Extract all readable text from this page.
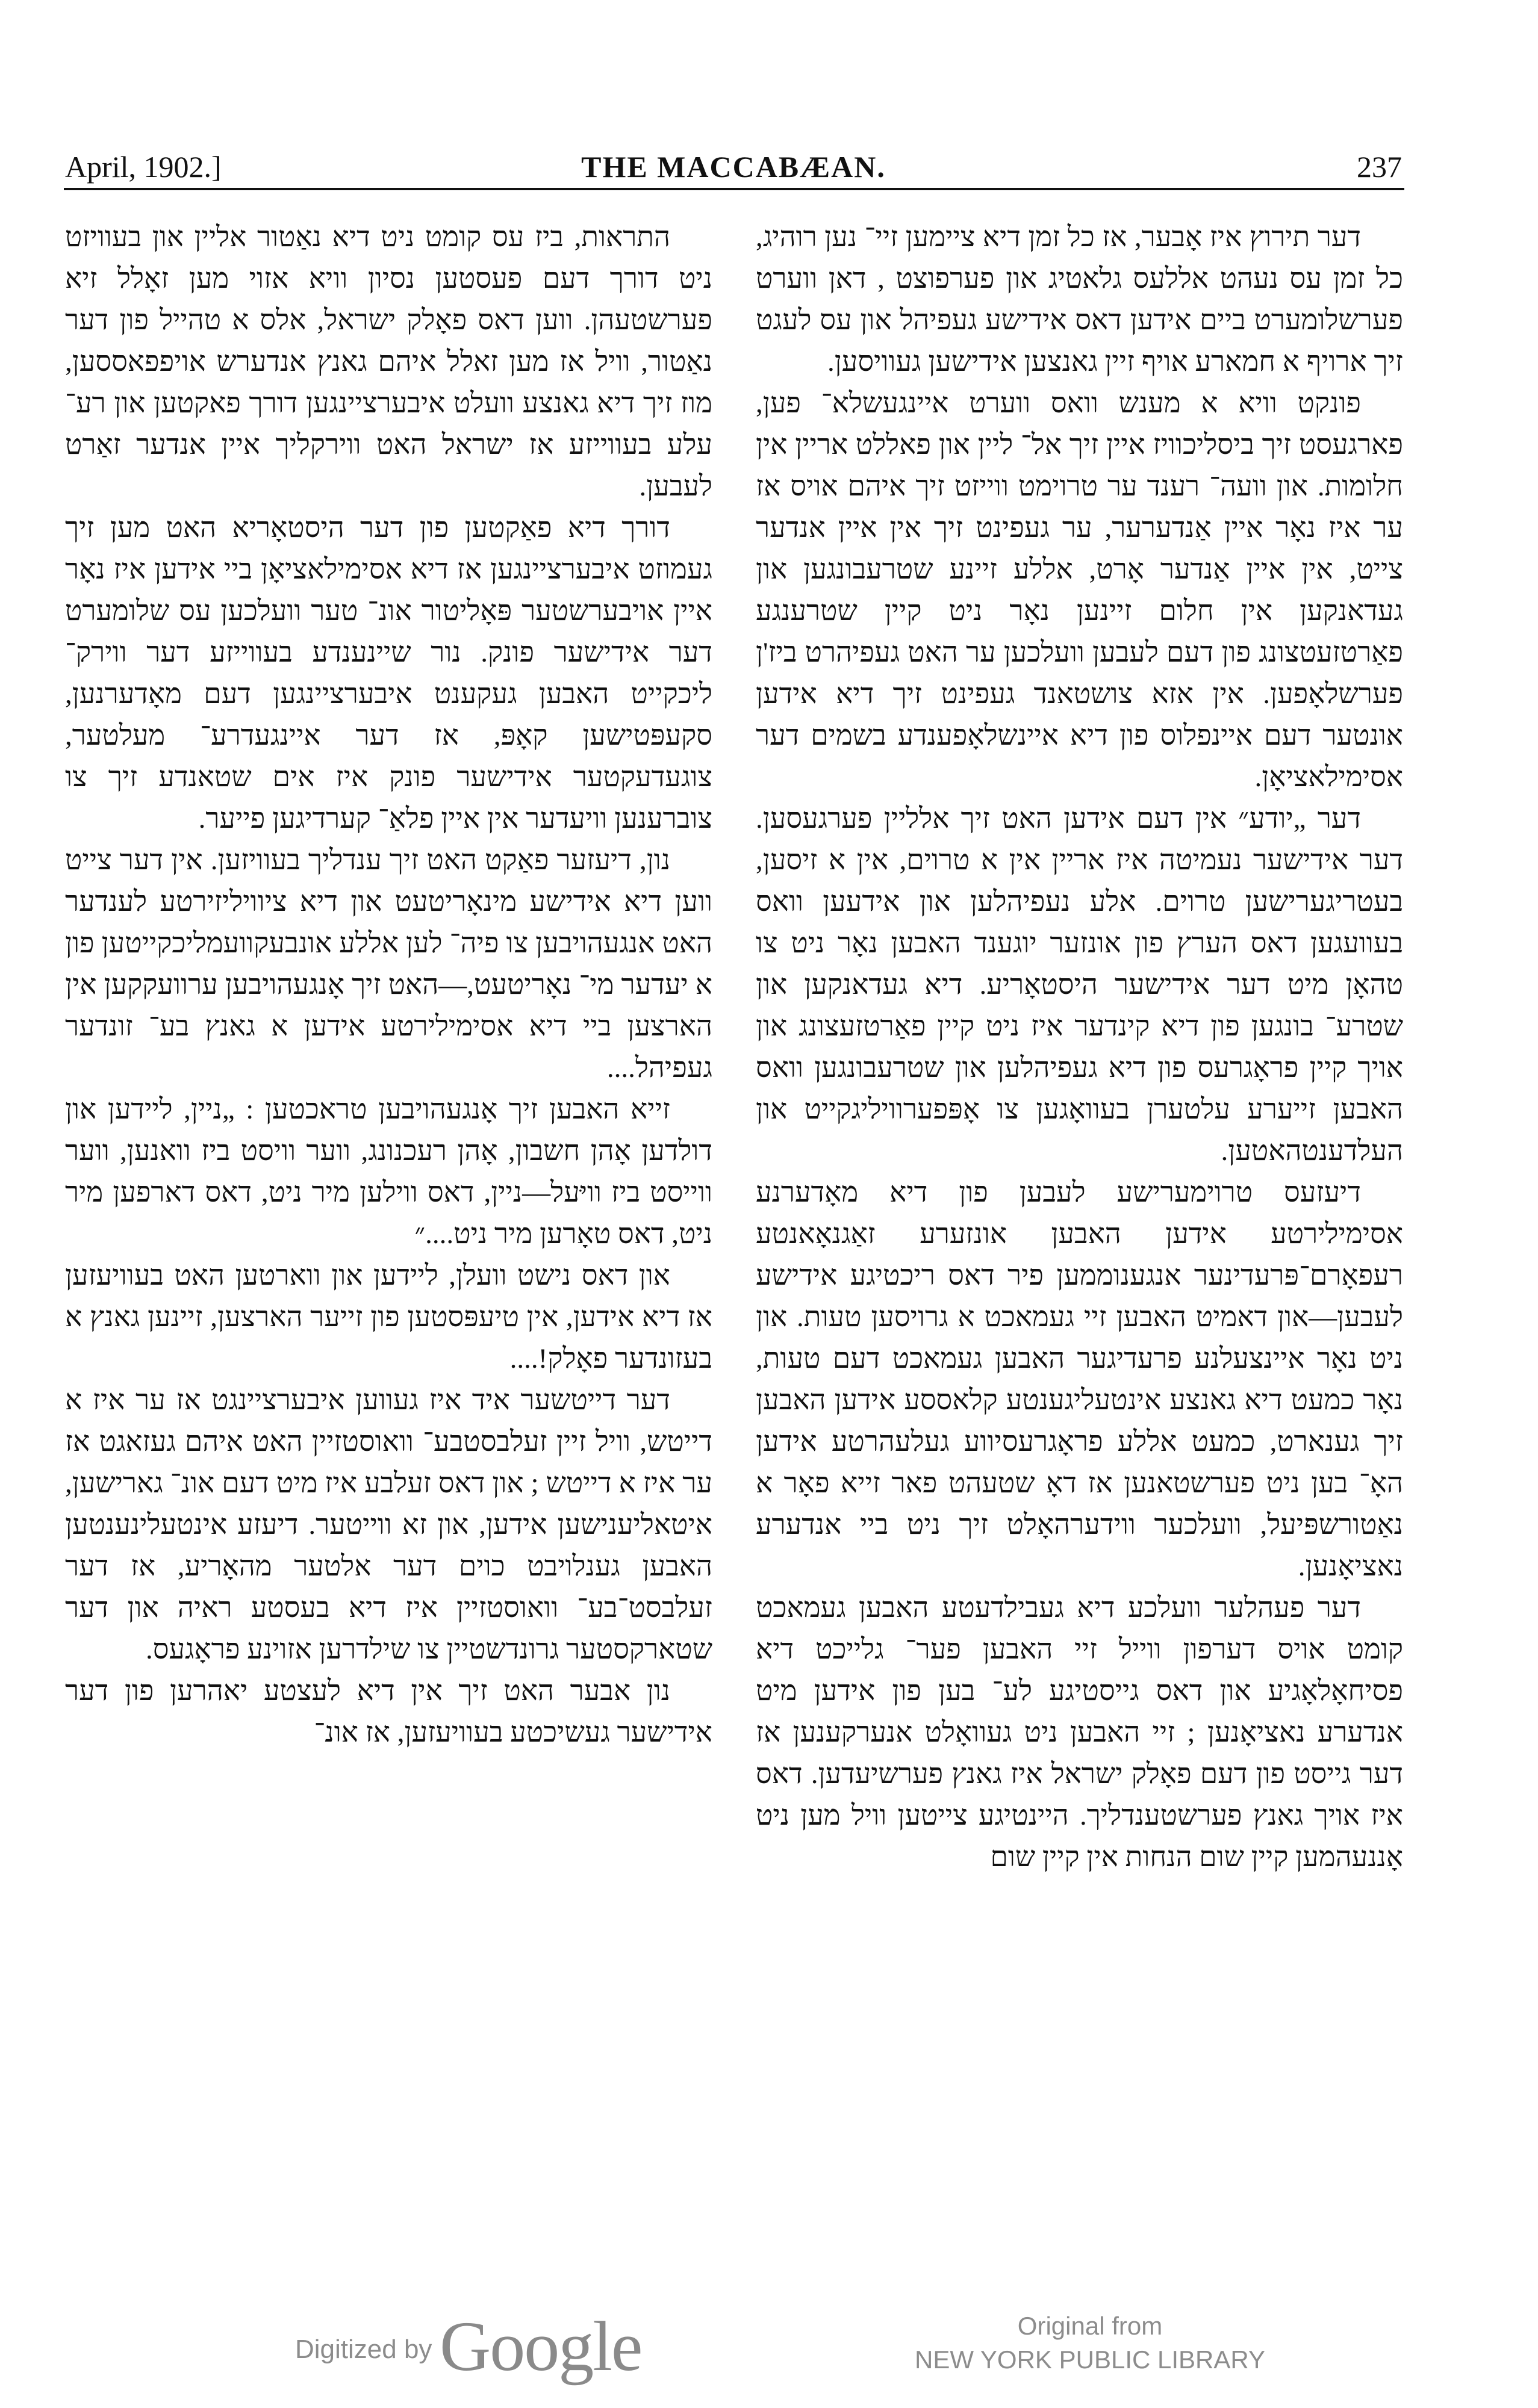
April, 1902.]	THE MACCABÆAN.	237

דער תירוץ איז אָבער, אז כל זמן דיא ציימען זיי־ נען רוהיג, כל זמן עס נעהט אללעס גלאטיג און פערפוצט , דאן ווערט פערשלומערט ביים אידען דאס אידישע געפיהל און עס לעגט זיך ארויף א חמארע אויף זיין גאנצען אידישען געוויסען.

פונקט וויא א מענש וואס ווערט איינגעשלא־ פען, פארגעסט זיך ביסליכוויז איין זיך אל־ ליין און פאללט אריין אין חלומות. און וועה־ רענד ער טרוימט ווייזט זיך איהם אויס אז ער איז נאָר איין אַנדערער, ער געפינט זיך אין איין אנדער צייט, אין איין אַנדער אָרט, אללע זיינע שטרעבונגען און געדאנקען אין חלום זיינען נאָר ניט קיין שטרענגע פאַרטזעטצונג פון דעם לעבען וועלכען ער האט געפיהרט ביז'ן פערשלאָפען. אין אזא צושטאנד געפינט זיך דיא אידען אונטער דעם איינפלוס פון דיא איינשלאָפענדע בשמים דער אסימילאציאָן.

דער „יודע״ אין דעם אידען האט זיך אלליין פערגעסען. דער אידישער נעמיטה איז אריין אין א טרוים, אין א זיסען, בעטריגערישען טרוים. אלע נעפיהלען און אידעען וואס בעוועגען דאס הערץ פון אונזער יוגענד האבען נאָר ניט צו טהאָן מיט דער אידישער היסטאָריע. דיא געדאנקען און שטרע־ בונגען פון דיא קינדער איז ניט קיין פאַרטזעצונג און אויך קיין פראָגרעס פון דיא געפיהלען און שטרעבונגען וואס האבען זייערע עלטערן בעוואָגען צו אָפּפערוויליגקייט און העלדענטהאטען.

דיעזעס טרוימערישע לעבען פון דיא מאָדערנע אסימילירטע אידען האבען אונזערע זאַגנאָאנטע רעפאָרם־פּרעדינער אנגענוממען פיר דאס ריכטיגע אידישע לעבען—און דאמיט האבען זיי געמאכט א גרויסען טעות. און ניט נאָר איינצעלנע פרעדיגער האבען געמאכט דעם טעות, נאָר כמעט דיא גאנצע אינטעליגענטע קלאססע אידען האבען זיך גענארט, כמעט אללע פראָגרעסיווע געלעהרטע אידען האָ־ בען ניט פערשטאנען אז דאָ שטעהט פאר זייא פאָר א נאַטורשפּיעל, וועלכער ווידערהאָלט זיך ניט ביי אנדערע נאציאָנען.

דער פעהלער וועלכע דיא געבילדעטע האבען געמאכט קומט אויס דערפון ווייל זיי האבען פער־ גלייכט דיא פסיחאָלאָגיע און דאס גייסטיגע לע־ בען פון אידען מיט אנדערע נאציאָנען ; זיי האבען ניט געוואָלט אנערקענען אז דער גייסט פון דעם פאָלק ישראל איז גאנץ פערשיעדען. דאס איז אויך גאנץ פערשטענדליך. היינטיגע צייטען וויל מען ניט אָננעהמען קיין שום הנחות אין קיין שום

התראות, ביז עס קומט ניט דיא נאַטור אליין און בעוויזט ניט דורך דעם פעסטען נסיון וויא אזוי מען זאָלל זיא פערשטעהן. ווען דאס פאָלק ישראל, אלס א טהייל פון דער נאַטור, וויל אז מען זאלל איהם גאנץ אנדערש אויפפאססען, מוז זיך דיא גאנצע וועלט איבערציינגען דורך פאקטען און רע־ עלע בעווייזע אז ישראל האט ווירקליך איין אנדער זאַרט לעבען.

דורך דיא פאַקטען פון דער היסטאָריא האט מען זיך געמוזט איבערציינגען אז דיא אסימילאציאָן ביי אידען איז נאָר איין אויבערשטער פּאָליטור אונ־ טער וועלכען עס שלומערט דער אידישער פונק. נור שיינענדע בעווייזע דער ווירק־ ליכקייט האבען געקענט איבערציינגען דעם מאָדערנען, סקעפּטישען קאָפּ, אז דער איינגעדרע־ מעלטער, צוגעדעקטער אידישער פונק איז אים שטאנדע זיך צו צוברענען וויעדער אין איין פלאַ־ קערדיגען פייער.

נון, דיעזער פאַקט האט זיך ענדליך בעוויזען. אין דער צייט ווען דיא אידישע מינאָריטעט און דיא ציוויליזירטע לענדער האט אנגעהויבען צו פיה־ לען אללע אונבעקוועמליכקייטען פון א יעדער מי־ נאָריטעט,—האט זיך אָנגעהויבען ערוועקקען אין הארצען ביי דיא אסימילירטע אידען א גאנץ בע־ זונדער געפיהל....

זייא האבען זיך אָנגעהויבען טראכטען : „ניין, ליידען און דולדען אָהן חשבון, אָהן רעכנונג, ווער וויסט ביז וואנען, ווער ווייסט ביז וויּעל—ניין, דאס ווילען מיר ניט, דאס דארפען מיר ניט, דאס טאָרען מיר ניט....״

און דאס נישט וועלן, ליידען און ווארטען האט בעוויעזען אז דיא אידען, אין טיעפּסטען פון זייער הארצען, זיינען גאנץ א בעזונדער פאָלק!....

דער דייטשער איד איז געווען איבערציינגט אז ער איז א דייטש, וויל זיין זעלבסטבע־ וואוסטזיין האט איהם געזאגט אז ער איז א דייטש ; און דאס זעלבע איז מיט דעם אונ־ גארישען, איטאליענישען אידען, און זא ווייטער. דיעזע אינטעלינענטען האבען גענלויבט כוים דער אלטער מהאָריע, אז דער זעלבסט־בע־ וואוסטזיין איז דיא בעסטע ראיה און דער שטארקסטער גרונדשטיין צו שילדרען אזוינע פראָגעס.

נון אבער האט זיך אין דיא לעצטע יאהרען פון דער אידישער געשיכטע בעוויעזען, אז אונ־

Digitized by Google	Original from
NEW YORK PUBLIC LIBRARY
